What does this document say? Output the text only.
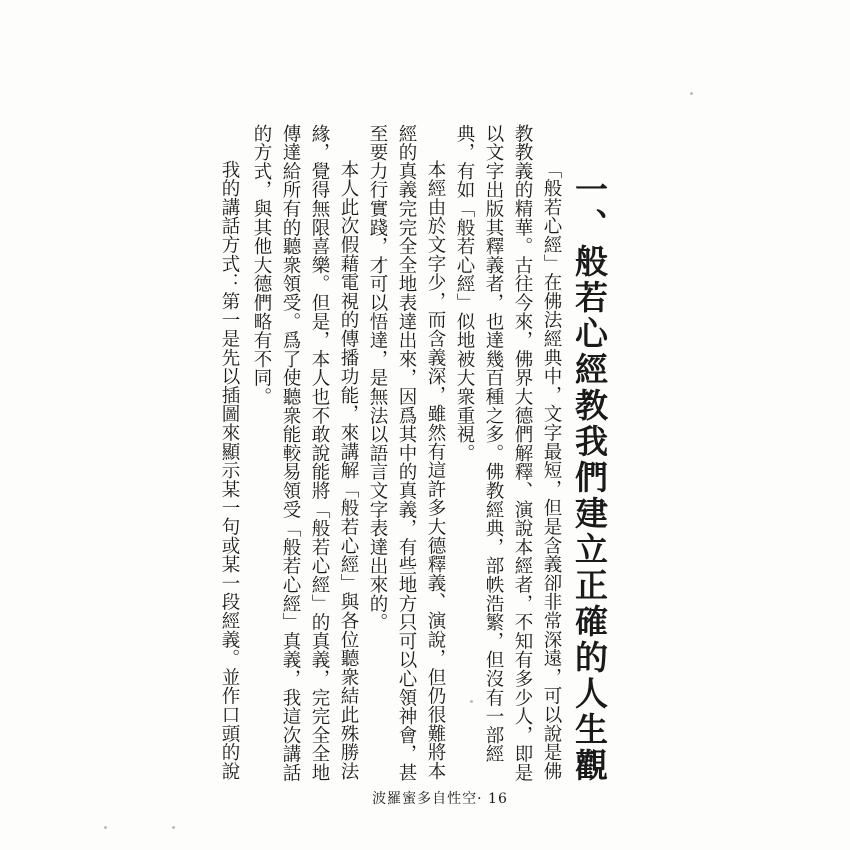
一、般若心經教我們建立正確的人生觀
「般若心經」在佛法經典中，文字最短，但是含義卻非常深遠，可以說是佛
教教義的精華。古往今來，佛界大德們解釋、演說本經者，不知有多少人，即是
以文字出版其釋義者，也達幾百種之多。佛教經典，部帙浩繁，但沒有一部經
典，有如「般若心經」似地被大衆重視。
本經由於文字少，而含義深，雖然有這許多大德釋義、演說，但仍很難將本
經的真義完完全全地表達出來，因爲其中的真義，有些地方只可以心領神會，甚
至要力行實踐，才可以悟達，是無法以語言文字表達出來的。
本人此次假藉電視的傳播功能，來講解「般若心經」與各位聽衆結此殊勝法
緣，覺得無限喜樂。但是，本人也不敢說能將「般若心經」的真義，完完全全地
傳達給所有的聽衆領受。爲了使聽衆能較易領受「般若心經」真義，我這次講話
的方式，與其他大德們略有不同。
我的講話方式：第一是先以插圖來顯示某一句或某一段經義。並作口頭的說
波羅蜜多自性空· 16
